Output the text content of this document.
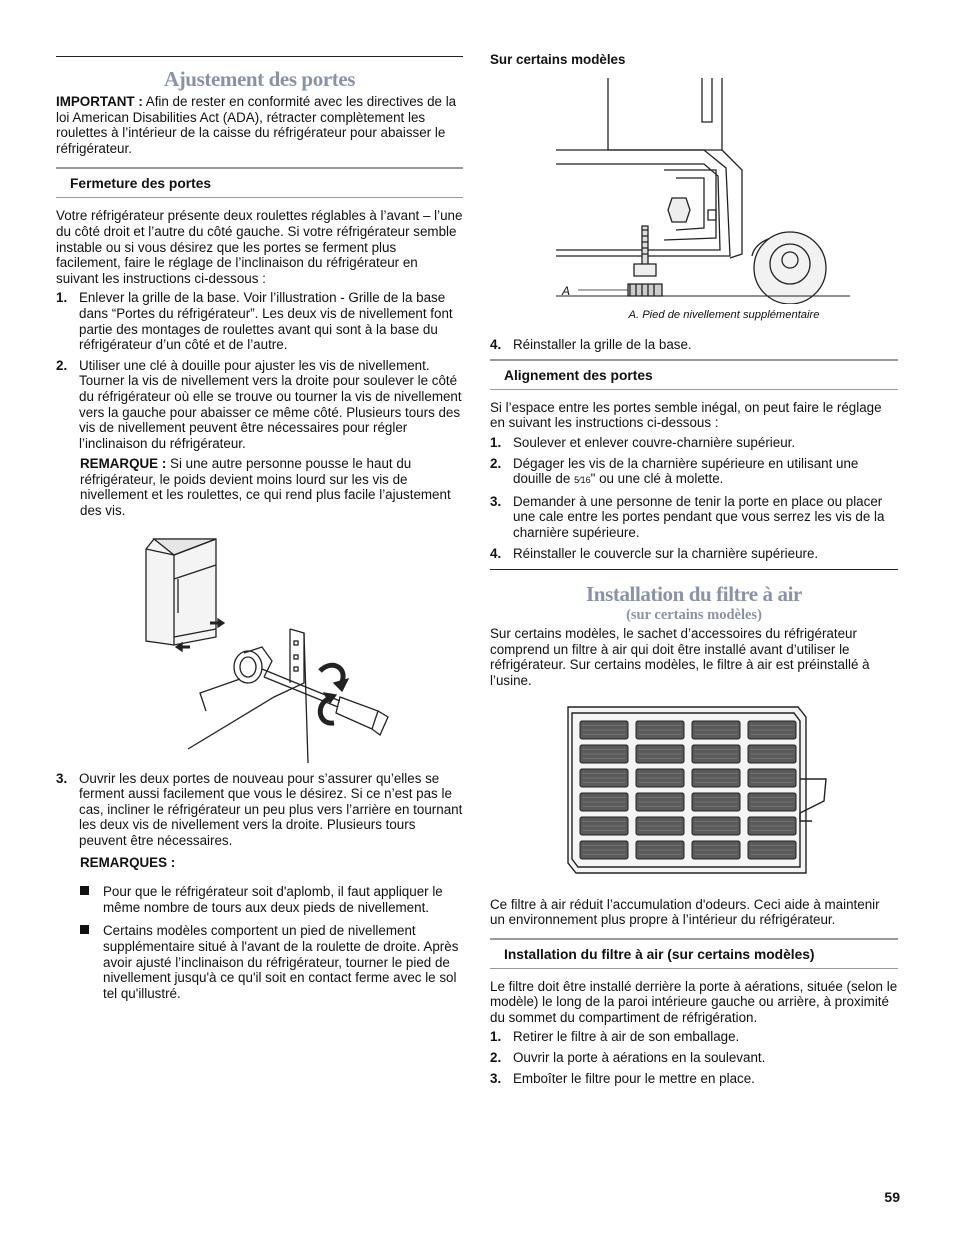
Ajustement des portes

IMPORTANT : Afin de rester en conformité avec les directives de la loi American Disabilities Act (ADA), rétracter complètement les roulettes à l’intérieur de la caisse du réfrigérateur pour abaisser le réfrigérateur.

Fermeture des portes

Votre réfrigérateur présente deux roulettes réglables à l’avant – l’une du côté droit et l’autre du côté gauche. Si votre réfrigérateur semble instable ou si vous désirez que les portes se ferment plus facilement, faire le réglage de l’inclinaison du réfrigérateur en suivant les instructions ci-dessous :

1. Enlever la grille de la base. Voir l’illustration - Grille de la base dans “Portes du réfrigérateur”. Les deux vis de nivellement font partie des montages de roulettes avant qui sont à la base du réfrigérateur d’un côté et de l’autre.
2. Utiliser une clé à douille pour ajuster les vis de nivellement. Tourner la vis de nivellement vers la droite pour soulever le côté du réfrigérateur où elle se trouve ou tourner la vis de nivellement vers la gauche pour abaisser ce même côté. Plusieurs tours des vis de nivellement peuvent être nécessaires pour régler l’inclinaison du réfrigérateur.

REMARQUE : Si une autre personne pousse le haut du réfrigérateur, le poids devient moins lourd sur les vis de nivellement et les roulettes, ce qui rend plus facile l’ajustement des vis.

3. Ouvrir les deux portes de nouveau pour s’assurer qu’elles se ferment aussi facilement que vous le désirez. Si ce n’est pas le cas, incliner le réfrigérateur un peu plus vers l’arrière en tournant les deux vis de nivellement vers la droite. Plusieurs tours peuvent être nécessaires.

REMARQUES :

Pour que le réfrigérateur soit d'aplomb, il faut appliquer le même nombre de tours aux deux pieds de nivellement.
Certains modèles comportent un pied de nivellement supplémentaire situé à l'avant de la roulette de droite. Après avoir ajusté l’inclinaison du réfrigérateur, tourner le pied de nivellement jusqu'à ce qu'il soit en contact ferme avec le sol tel qu'illustré.

Sur certains modèles

A

A. Pied de nivellement supplémentaire

4. Réinstaller la grille de la base.
Alignement des portes

Si l’espace entre les portes semble inégal, on peut faire le réglage en suivant les instructions ci-dessous :

1. Soulever et enlever couvre-charnière supérieur.
2. Dégager les vis de la charnière supérieure en utilisant une douille de 5⁄16" ou une clé à molette.
3. Demander à une personne de tenir la porte en place ou placer une cale entre les portes pendant que vous serrez les vis de la charnière supérieure.
4. Réinstaller le couvercle sur la charnière supérieure.
Installation du filtre à air
(sur certains modèles)

Sur certains modèles, le sachet d’accessoires du réfrigérateur comprend un filtre à air qui doit être installé avant d’utiliser le réfrigérateur. Sur certains modèles, le filtre à air est préinstallé à l’usine.

Ce filtre à air réduit l’accumulation d'odeurs. Ceci aide à maintenir un environnement plus propre à l’intérieur du réfrigérateur.

Installation du filtre à air (sur certains modèles)

Le filtre doit être installé derrière la porte à aérations, située (selon le modèle) le long de la paroi intérieure gauche ou arrière, à proximité du sommet du compartiment de réfrigération.

1. Retirer le filtre à air de son emballage.
2. Ouvrir la porte à aérations en la soulevant.
3. Emboîter le filtre pour le mettre en place.
59
